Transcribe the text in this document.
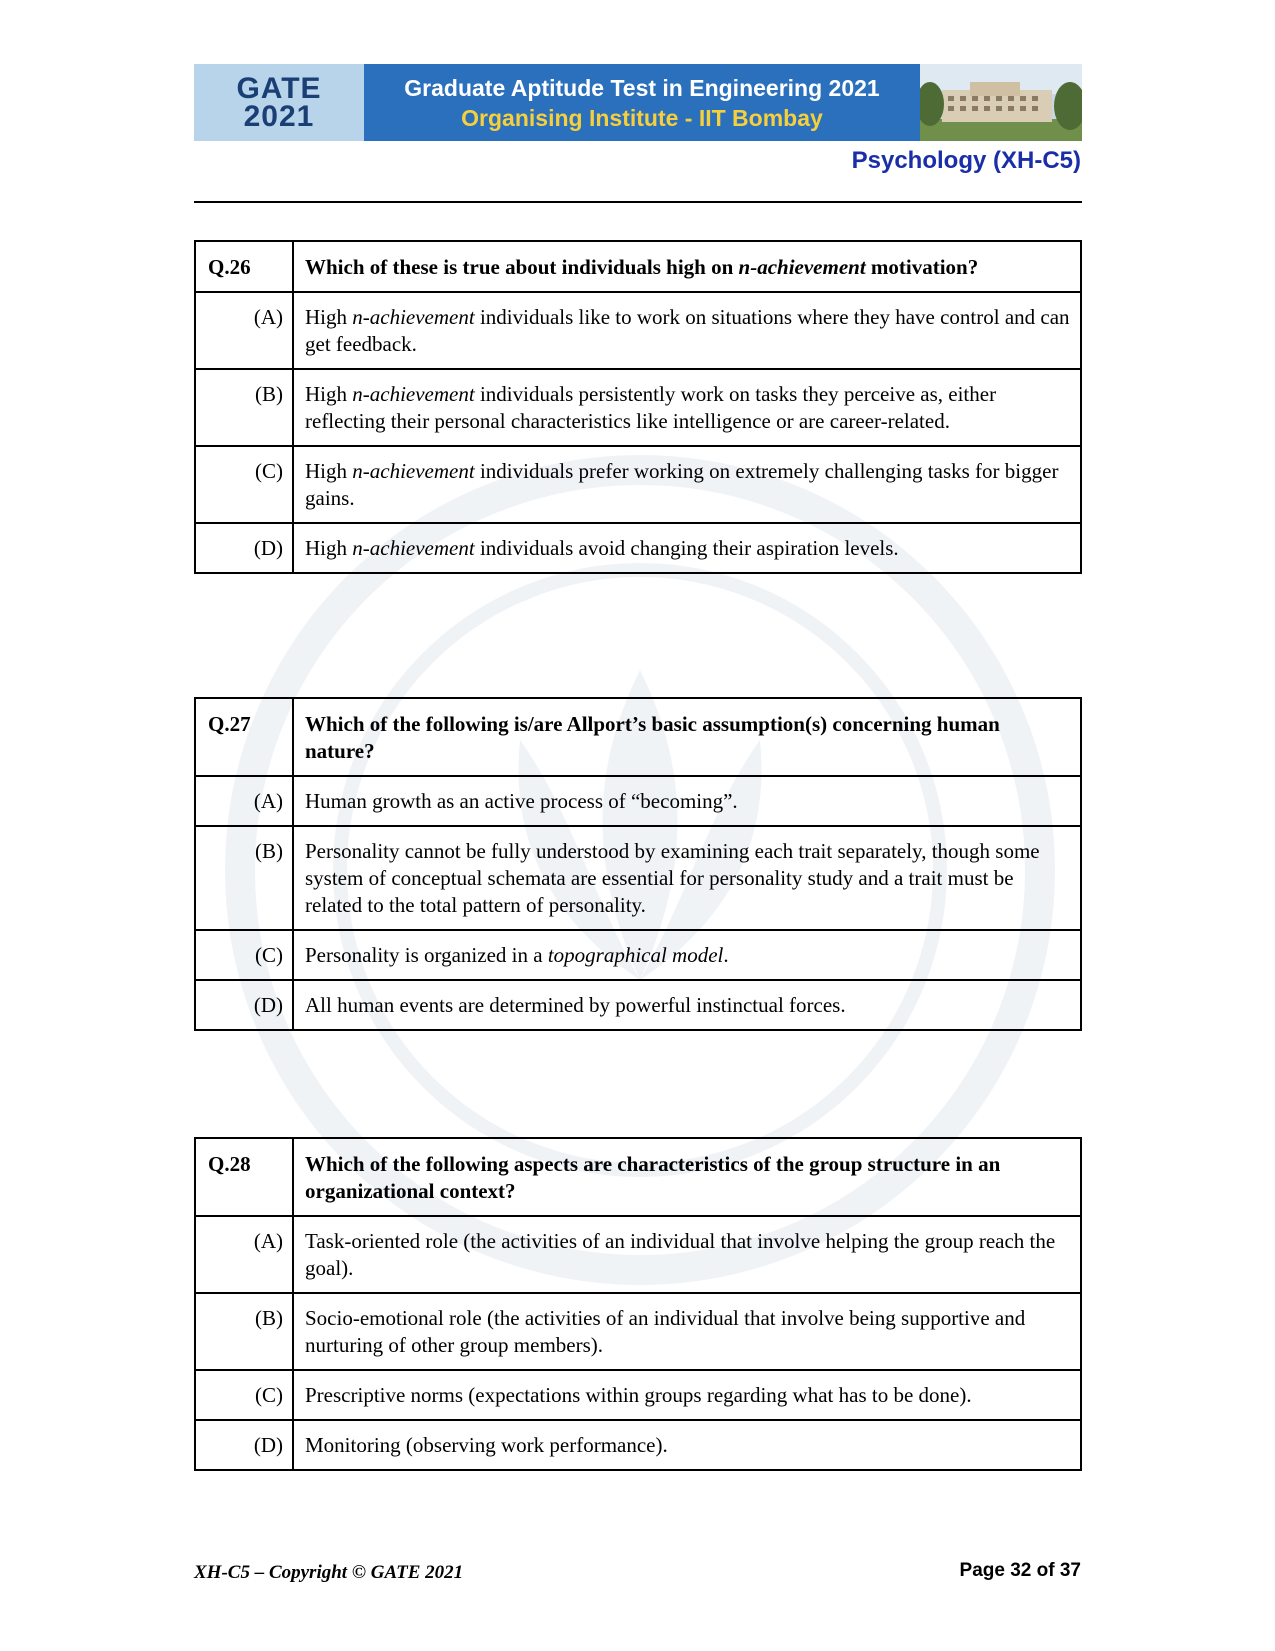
GATE
2021
Graduate Aptitude Test in Engineering 2021
Organising Institute - IIT Bombay
Psychology (XH-C5)
Q.26	Which of these is true about individuals high on n-achievement motivation?
(A)	High n-achievement individuals like to work on situations where they have control and can get feedback.
(B)	High n-achievement individuals persistently work on tasks they perceive as, either reflecting their personal characteristics like intelligence or are career-related.
(C)	High n-achievement individuals prefer working on extremely challenging tasks for bigger gains.
(D)	High n-achievement individuals avoid changing their aspiration levels.
Q.27	Which of the following is/are Allport’s basic assumption(s) concerning human nature?
(A)	Human growth as an active process of “becoming”.
(B)	Personality cannot be fully understood by examining each trait separately, though some system of conceptual schemata are essential for personality study and a trait must be related to the total pattern of personality.
(C)	Personality is organized in a topographical model.
(D)	All human events are determined by powerful instinctual forces.
Q.28	Which of the following aspects are characteristics of the group structure in an organizational context?
(A)	Task-oriented role (the activities of an individual that involve helping the group reach the goal).
(B)	Socio-emotional role (the activities of an individual that involve being supportive and nurturing of other group members).
(C)	Prescriptive norms (expectations within groups regarding what has to be done).
(D)	Monitoring (observing work performance).
XH-C5 – Copyright © GATE 2021	Page 32 of 37
